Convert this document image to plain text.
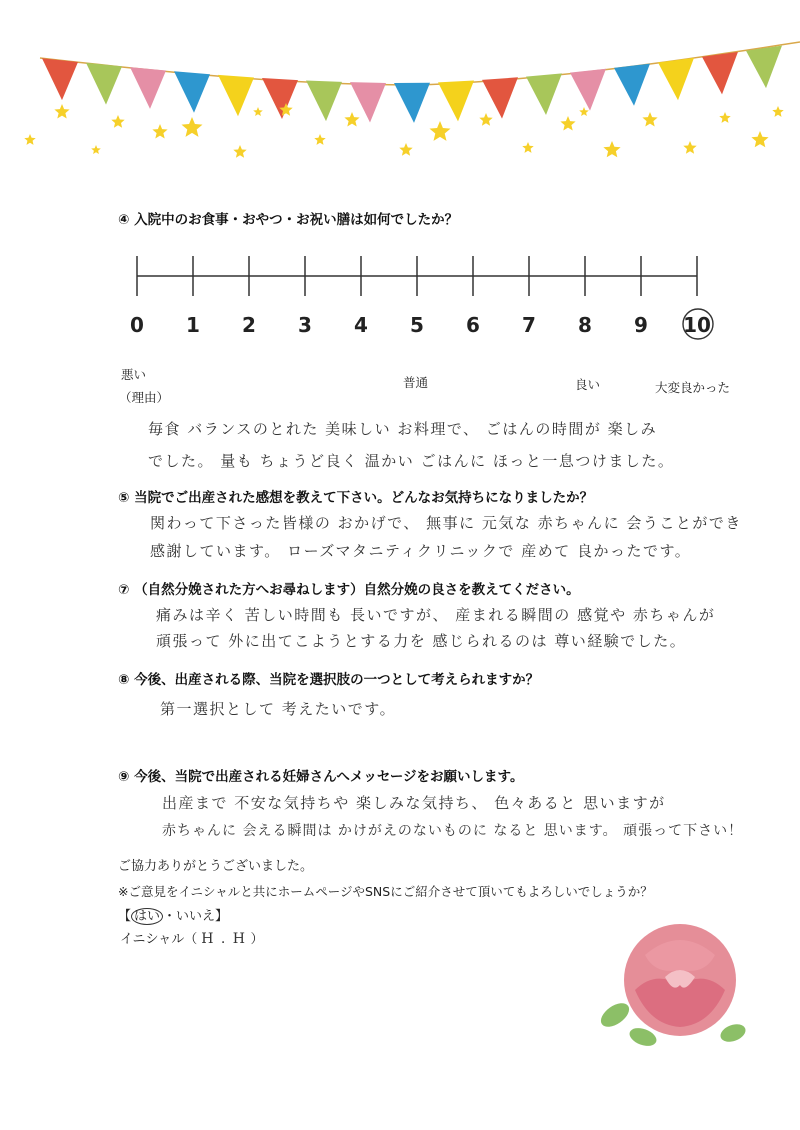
④ 入院中のお食事・おやつ・お祝い膳は如何でしたか？
0 1 2 3 4 5 6 7 8 9 10
悪い
普通	良い	大変良かった
（理由）
毎食 バランスのとれた 美味しい お料理で、 ごはんの時間が 楽しみ
でした。 量も ちょうど良く 温かい ごはんに ほっと一息つけました。
⑤ 当院でご出産された感想を教えて下さい。どんなお気持ちになりましたか？
関わって下さった皆様の おかげで、 無事に 元気な 赤ちゃんに 会うことができ
感謝しています。 ローズマタニティクリニックで 産めて 良かったです。
⑦ （自然分娩された方へお尋ねします）自然分娩の良さを教えてください。
痛みは辛く 苦しい時間も 長いですが、 産まれる瞬間の 感覚や 赤ちゃんが
頑張って 外に出てこようとする力を 感じられるのは 尊い経験でした。
⑧ 今後、出産される際、当院を選択肢の一つとして考えられますか？
第一選択として 考えたいです。
⑨ 今後、当院で出産される妊婦さんへメッセージをお願いします。
出産まで 不安な気持ちや 楽しみな気持ち、 色々あると 思いますが
赤ちゃんに 会える瞬間は かけがえのないものに なると 思います。 頑張って下さい！
ご協力ありがとうございました。
※ご意見をイニシャルと共にホームページやSNSにご紹介させて頂いてもよろしいでしょうか？
【 はい ・いいえ】
イニシャル（ H . H ）
